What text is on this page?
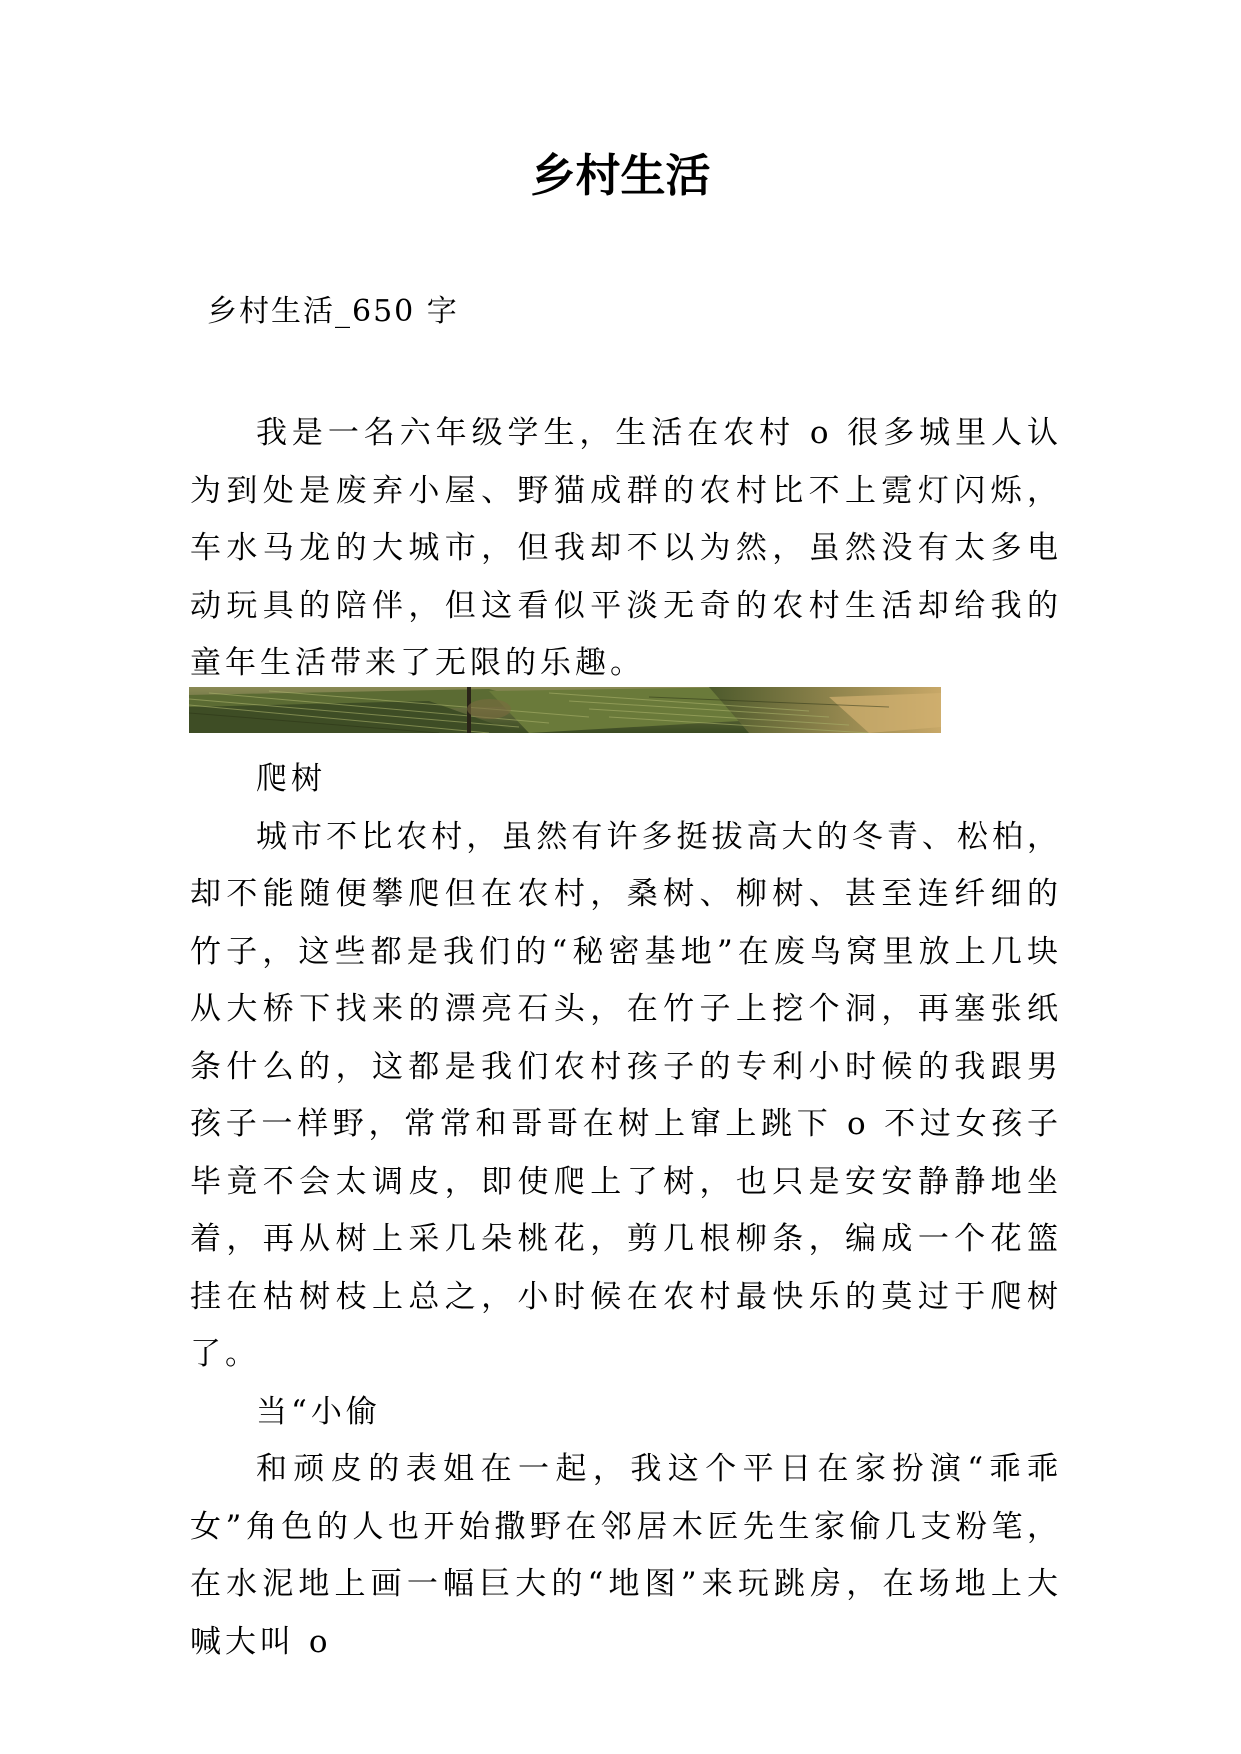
乡村生活

乡村生活_650 字

我是一名六年级学生，生活在农村 o 很多城里人认为到处是废弃小屋、野猫成群的农村比不上霓灯闪烁，车水马龙的大城市，但我却不以为然，虽然没有太多电动玩具的陪伴，但这看似平淡无奇的农村生活却给我的童年生活带来了无限的乐趣。

爬树
城市不比农村，虽然有许多挺拔高大的冬青、松柏，却不能随便攀爬但在农村，桑树、柳树、甚至连纤细的竹子，这些都是我们的“秘密基地”在废鸟窝里放上几块从大桥下找来的漂亮石头，在竹子上挖个洞，再塞张纸条什么的，这都是我们农村孩子的专利小时候的我跟男孩子一样野，常常和哥哥在树上窜上跳下 o 不过女孩子毕竟不会太调皮，即使爬上了树，也只是安安静静地坐着，再从树上采几朵桃花，剪几根柳条，编成一个花篮挂在枯树枝上总之，小时候在农村最快乐的莫过于爬树了。
当“小偷
和顽皮的表姐在一起，我这个平日在家扮演“乖乖女”角色的人也开始撒野在邻居木匠先生家偷几支粉笔，在水泥地上画一幅巨大的“地图”来玩跳房，在场地上大喊大叫 o
